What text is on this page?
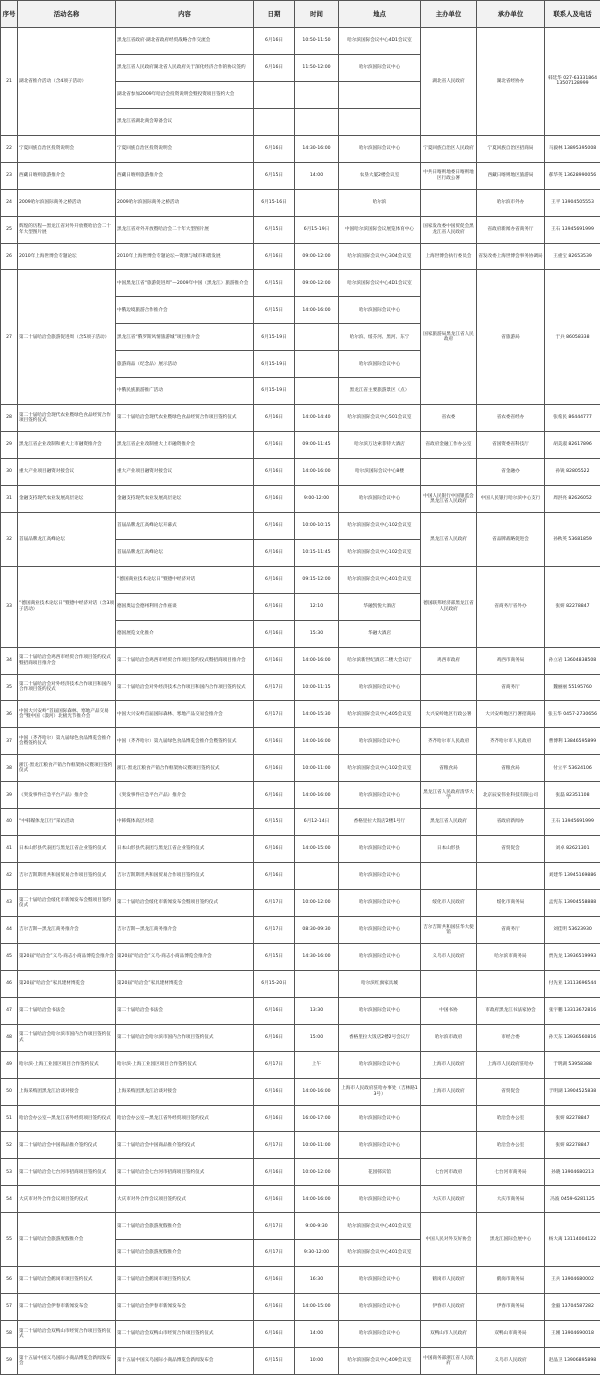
序号	活动名称	内容	日期	时间	地点	主办单位	承办单位	联系人及电话
21	湖北省推介活动（含4项子活动）	黑龙江省政府·湖北省政府经贸战略合作交流会	6月16日	10:50-11:50	哈尔滨国际会议中心4D1会议室	湖北省人民政府	湖北省经协办	韩廷华 027-63331864 13507128999
		黑龙江省人民政府湖北省人民政府关于深化经济合作的协议签约	6月16日	11:50-12:00	哈尔滨国际会议中心			
		湖北省参加2009年哈洽会投资说明会暨投资项目签约大会						
		黑龙江省湖北商会筹备会议						
22	宁夏回族自治区投资说明会	宁夏回族自治区投资说明会	6月16日	14:30-16:00	哈尔滨国际会议中心	宁夏回族自治区人民政府	宁夏回族自治区招商局	马毅林 13895395008
23	西藏日喀则旅游推介会	西藏日喀则旅游推介会	6月15日	14:00	农垦大厦2楼会议室	中共日喀则地委日喀则地区行政公署	西藏日喀则地区旅游局	郝华英 13628990056
24	2009哈尔滨国际商务之桥活动	2009哈尔滨国际商务之桥活动	6月15-16日		哈尔滨		哈尔滨市外办	王平 13904505553
25	辉煌的历程—黑龙江省对外开放暨哈洽会二十年大型图片展	黑龙江省对外开放暨哈洽会二十年大型图片展	6月15日	6月15-19日	中国哈尔滨国际会议展览体育中心	国家发改委中国贸促会黑龙江省人民政府	省政府新闻办省商务厅	王石 13945691999
26	2010年上海世博会专题论坛	2010年上海世博会专题论坛—资源与城市和谐发展	6月16日	09:00-12:00	哈尔滨国际会议中心304会议室	上海世博会执行委员会	省发改委上海世博会事务协调局	王重宝 82653539
27	第二十届哈洽会旅游促进周（含5项子活动）	中国黑龙江省“旅游促进周”—2009年中国（黑龙江）旅游推介会	6月15日	09:00-12:00	哈尔滨国际会议中心4D1会议室	国家旅游局黑龙江省人民政府	省旅游局	于兵 86058338
		中俄边境旅游合作推介会	6月15日	14:00-16:00	哈尔滨国际会议中心			
		黑龙江省“俄罗斯风情旅游城”项目推介会	6月15-19日		哈尔滨、绥芬河、黑河、东宁			
		旅游商品（纪念品）展示活动	6月15-19日		哈尔滨国际会议中心			
		中俄民族旅游推广活动	6月15-19日		黑龙江省主要旅游景区（点）			
28	第二十届哈洽会现代农业暨绿色食品经贸合作项目签约仪式	第二十届哈洽会现代农业暨绿色食品经贸合作项目签约仪式	6月16日	14:00-14:40	哈尔滨国际会议中心501会议室	省农委	省农委省经办	张希民 86444777
29	黑龙江省企业改制和重大上市融资推介会	黑龙江省企业改制重大上市融资推介会	6月16日	09:00-11:45	哈尔滨万达索菲特大酒店	省政府金融工作办公室	省国资委省科技厅	胡美淑 82617896
30	重大产业项目融资对接会议	重大产业项目融资对接会议	6月16日	14:00-16:00	哈尔滨国际会议中心8楼		省金融办	孙锐 82805522
31	金融支持现代农业发展高层论坛	金融支持现代农业发展高层论坛	6月16日	9:00-12:00	哈尔滨国际会议中心	中国人民银行中国银监会黑龙江省人民政府	中国人民银行哈尔滨中心支行	周洪亮 82626052
32	首届品牌龙江高峰论坛	首届品牌龙江高峰论坛开幕式	6月16日	10:00-10:15	哈尔滨国际会议中心102会议室	黑龙江省人民政府	省品牌战略促进会	孙秋英 53681859
		首届品牌龙江高峰论坛	6月16日	10:15-11:45	哈尔滨国际会议中心102会议室			
33	“德国商业技术论坛日”暨德中经济对话（含3项子活动）	“德国商业技术论坛日”暨德中经济对话	6月16日	09:15-12:00	哈尔滨国际会议中心401会议室	德国联邦经济部黑龙江省人民政府	省商务厅省外办	张妍 82278847
		德国奥运会德州利用合作座谈	6月16日	12:10	华融凯悦大酒店			
		德国展览文化推介	6月16日	15:30	华融大酒店			
34	第二十届哈洽会鸡西市经贸合作项目签约仪式暨招商项目推介会	第二十届哈洽会鸡西市经贸合作项目签约仪式暨招商项目推介会	6月16日	14:00-16:00	哈尔滨新世纪酒店二楼大会议厅	鸡西市政府	鸡西市商务局	孙立岩 13604838508
35	第二十届哈洽会对外经济技术合作项目和国内合作项目签约仪式	第二十届哈洽会对外经济技术合作项目和国内合作项目签约仪式	6月17日	10:00-11:15	哈尔滨国际会议中心		省商务厅	魏丽丽 55195760
36	中国大兴安岭“首届国际森林、寒地产品交易会”暨中国（漠河）北极光节推介会	中国大兴安岭首届国际森林、寒地产品交易会推介会	6月17日	14:00-15:30	哈尔滨国际会议中心405会议室	大兴安岭地区行政公署	大兴安岭地区行署招商局	张玉华 0457-2730656
37	中国（齐齐哈尔）第九届绿色食品博览会推介会暨签约仪式	中国（齐齐哈尔）第九届绿色食品博览会推介会暨签约仪式	6月16日	14:00-16:00	哈尔滨国际会议中心	齐齐哈尔市人民政府	齐齐哈尔市人民政府	曹博利 13846595899
38	浙江·黑龙江粮食产销合作框架协议暨项目签约仪式	浙江·黑龙江粮食产销合作框架协议暨项目签约仪式	6月16日	10:00-11:00	哈尔滨国际会议中心102会议室	省粮食局	省粮食局	付立平 53624106
39	《突发事件应急平台产品》推介会	《突发事件应急平台产品》推介会	6月16日	14:00-16:00	哈尔滨国际会议中心	黑龙江省人民政府清华大学	北京辰安伟业科技有限公司	张磊 82351108
40	“中韩媒体龙江行”采访活动	中韩媒体高层对话	6月15日	6月12-14日	香格里拉大饭店2楼1号厅	黑龙江省人民政府	省政府新闻办	王石 13945691999
41	日本山形县代表团与黑龙江省企业签约仪式	日本山形县代表团与黑龙江省企业签约仪式	6月16日	14:00-15:00	哈尔滨国际会议中心	日本山形县	省贸促会	刘卓 82621301
42	吉尔吉斯斯坦共和国贸易合作项目签约仪式	吉尔吉斯斯坦共和国贸易合作项目签约仪式	6月16日		哈尔滨国际会议中心			刘建华 13945169886
43	第二十届哈洽会绥化市新闻发布会暨项目签约仪式	第二十届哈洽会绥化市新闻发布会暨项目签约仪式	6月17日	10:00-12:00	哈尔滨国际会议中心	绥化市人民政府	绥化市商务局	孟宪东 13904558888
44	吉尔吉斯—黑龙江商务推介会	吉尔吉斯—黑龙江商务推介会	6月17日	08:30-09:30	哈尔滨国际会议中心	吉尔吉斯共和国驻华大使馆	省商务厅	刘佳明 53623930
45	第20届“哈洽会”义乌·商志小商品博览会推介会	第20届“哈洽会”义乌·商志小商品博览会推介会	6月15日	14:30-16:00	哈尔滨国际会议中心	义乌市人民政府	哈尔滨市商务局	贾先龙 13936519993
46	第20届“哈洽会”家具建材博览会	第20届“哈洽会”家具建材博览会	6月15-20日		哈尔滨红旗家具城			付先亚 13113696544
47	第二十届哈洽会书法会	第二十届哈洽会书法会	6月16日	13:30	哈尔滨国际会议中心	中国书协	市政府黑龙江书法家协会	张宇鹏 13313672816
48	第二十届哈洽会哈尔滨市国内合作项目签约仪式	第二十届哈洽会哈尔滨市国内合作项目签约仪式	6月16日	15:00	香格里拉大饭店2楼2号会议厅	哈尔滨市政府	市经合委	孙天东 13936560816
49	哈尔滨·上海工业园区项目合作签约仪式	哈尔滨·上海工业园区项目合作签约仪式	6月17日	上午	哈尔滨国际会议中心	上海市人民政府	上海市人民政府驻哈办	于明湖 53958388
50	上海采购团黑龙江洽谈对接会	上海采购团黑龙江洽谈对接会	6月16日	14:00-16:00	上海市人民政府驻哈办事处（吉林路13号）	上海市人民政府	省贸促会	于明湖 13904525838
51	哈洽会办公室—黑龙江省外经贸项目签约仪式	哈洽会办公室—黑龙江省外经贸项目签约仪式	6月16日	16:00-17:00	哈尔滨国际会议中心		哈洽会办公室	张妍 82278847
52	第二十届哈洽会中国商品推介签约仪式	第二十届哈洽会中国商品推介签约仪式	6月17日	10:00-11:00	哈尔滨国际会议中心		哈洽会办公室	张妍 82278847
53	第二十届哈洽会七台河市招商项目签约仪式	第二十届哈洽会七台河市招商项目签约仪式	6月16日	10:00-12:00	花园邨宾馆	七台河市政府	七台河市商务局	孙晓 13904680213
54	大庆市对外合作会议项目签约仪式	大庆市对外合作会议项目签约仪式	6月16日	14:00-16:00	哈尔滨国际会议中心	大庆市人民政府	大庆市商务局	冯波 0459-6281125
55	第二十届哈洽会旅游度假推介会	第二十届哈洽会旅游度假推介会	6月17日	9:00-9:30	哈尔滨国际会议中心401会议室	中国人民对外友好协会	黑龙江国际会展中心	杨大离 13114004122
		第二十届哈洽会旅游度假推介会	6月17日	9:30-12:00	哈尔滨国际会议中心401会议室			
56	第二十届哈洽会鹤岗市项目签约仪式	第二十届哈洽会鹤岗市项目签约仪式	6月16日	16:30	哈尔滨国际会议中心	鹤岗市人民政府	鹤岗市商务局	王兵 13904680002
57	第二十届哈洽会伊春市新闻发布会	第二十届哈洽会伊春市新闻发布会	6月16日	14:00-15:00	哈尔滨国际会议中心	伊春市人民政府	伊春市商务局	金毅 13704587282
58	第二十届哈洽会双鸭山市经贸合作项目签约仪式	第二十届哈洽会双鸭山市经贸合作项目签约仪式	6月16日	14:00	哈尔滨国际会议中心	双鸭山市人民政府	双鸭山市商务局	王刚 13904690018
59	第十五届中国义乌国际小商品博览会新闻发布会	第十五届中国义乌国际小商品博览会新闻发布会	6月15日	10:00	哈尔滨国际会议中心409会议室	中国商务部浙江省人民政府	义乌市人民政府	赵晶卫 13906895898
